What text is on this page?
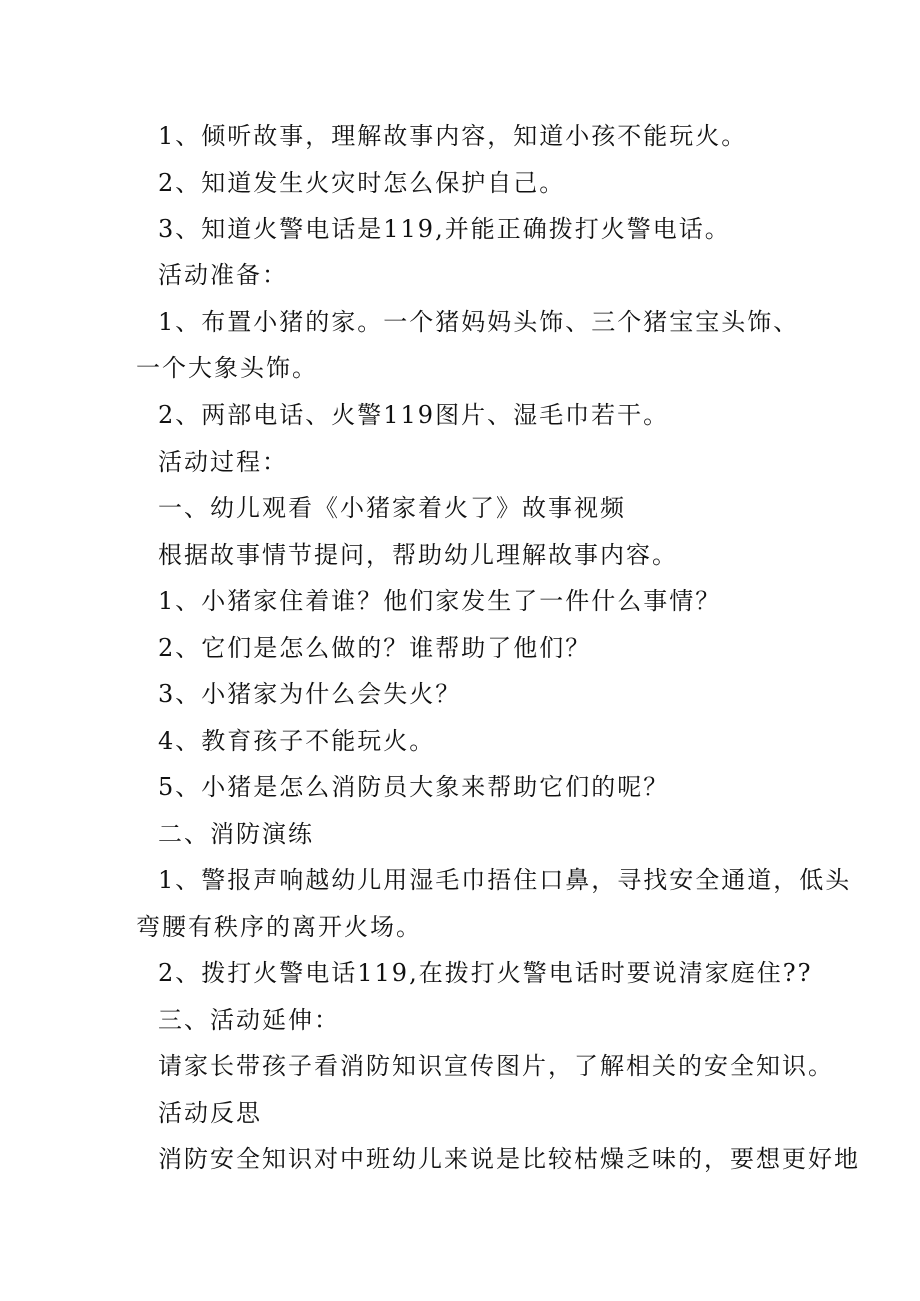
1、倾听故事，理解故事内容，知道小孩不能玩火。
2、知道发生火灾时怎么保护自己。
3、知道火警电话是119,并能正确拨打火警电话。
活动准备：
1、布置小猪的家。一个猪妈妈头饰、三个猪宝宝头饰、
一个大象头饰。
2、两部电话、火警119图片、湿毛巾若干。
活动过程：
一、幼儿观看《小猪家着火了》故事视频
根据故事情节提问，帮助幼儿理解故事内容。
1、小猪家住着谁？他们家发生了一件什么事情？
2、它们是怎么做的？谁帮助了他们？
3、小猪家为什么会失火？
4、教育孩子不能玩火。
5、小猪是怎么消防员大象来帮助它们的呢？
二、消防演练
1、警报声响越幼儿用湿毛巾捂住口鼻，寻找安全通道，低头
弯腰有秩序的离开火场。
2、拨打火警电话119,在拨打火警电话时要说清家庭住??
三、活动延伸：
请家长带孩子看消防知识宣传图片，了解相关的安全知识。
活动反思
消防安全知识对中班幼儿来说是比较枯燥乏味的，要想更好地
